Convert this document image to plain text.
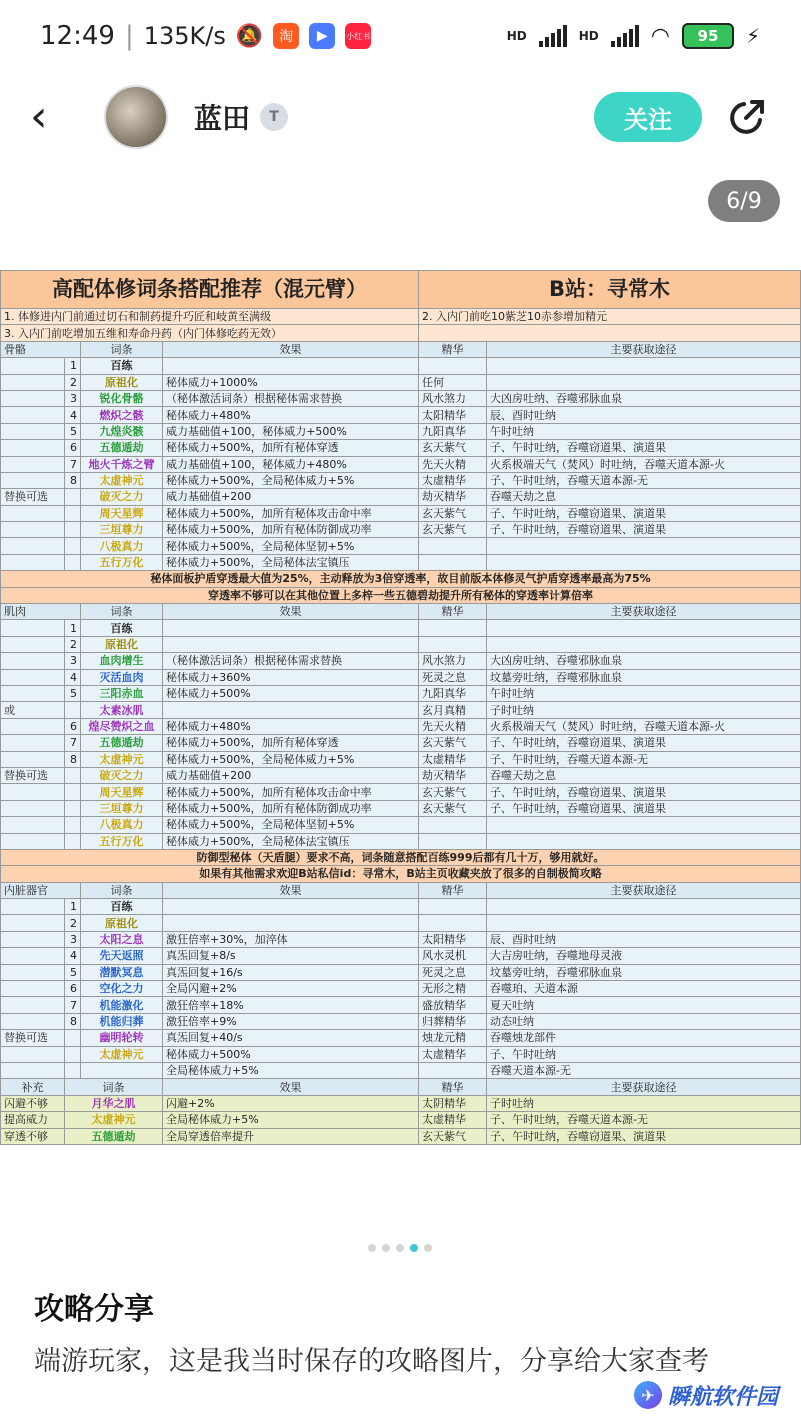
12:49 | 135K/s 🔕	淘	▶	小红书	HD	HD ◠	95	⚡
‹	蓝田	T	关注
6/9
高配体修词条搭配推荐（混元臂）				B站：寻常木	
1. 体修进内门前通过切石和制药提升巧匠和岐黄至满级				2. 入内门前吃10紫芝10赤参增加精元	
3. 入内门前吃增加五维和寿命丹药（内门体修吃药无效）					
骨骼		词条	效果	精华	主要获取途径
	1	百练			
	2	原祖化	秘体威力+1000%	任何	
	3	锐化骨骼	（秘体激活词条）根据秘体需求替换	风水煞力	大凶房吐纳、吞噬邪脉血泉
	4	燃炽之骸	秘体威力+480%	太阳精华	辰、酉时吐纳
	5	九煌炎骸	威力基础值+100，秘体威力+500%	九阳真华	午时吐纳
	6	五德遁劫	秘体威力+500%，加所有秘体穿透	玄天紫气	子、午时吐纳，吞噬窃道果、演道果
	7	地火千炼之臂	威力基础值+100，秘体威力+480%	先天火精	火系极端天气（焚风）时吐纳，吞噬天道本源-火
	8	太虚神元	秘体威力+500%，全局秘体威力+5%	太虚精华	子、午时吐纳，吞噬天道本源-无
替换可选		破灭之力	威力基础值+200	劫灭精华	吞噬天劫之息
		周天星辉	秘体威力+500%，加所有秘体攻击命中率	玄天紫气	子、午时吐纳，吞噬窃道果、演道果
		三垣尊力	秘体威力+500%，加所有秘体防御成功率	玄天紫气	子、午时吐纳，吞噬窃道果、演道果
		八极真力	秘体威力+500%，全局秘体坚韧+5%		
		五行万化	秘体威力+500%，全局秘体法宝镇压		
秘体面板护盾穿透最大值为25%，主动释放为3倍穿透率，故目前版本体修灵气护盾穿透率最高为75%					
穿透率不够可以在其他位置上多梓一些五德碧劫提升所有秘体的穿透率计算倍率					
肌肉		词条	效果	精华	主要获取途径
	1	百练			
	2	原祖化			
	3	血肉增生	（秘体激活词条）根据秘体需求替换	风水煞力	大凶房吐纳、吞噬邪脉血泉
	4	灭活血肉	秘体威力+360%	死灵之息	坟墓旁吐纳，吞噬邪脉血泉
	5	三阳赤血	秘体威力+500%	九阳真华	午时吐纳
或		太素冰肌		玄月真精	子时吐纳
	6	煌尽赞炽之血	秘体威力+480%	先天火精	火系极端天气（焚风）时吐纳，吞噬天道本源-火
	7	五德遁劫	秘体威力+500%，加所有秘体穿透	玄天紫气	子、午时吐纳，吞噬窃道果、演道果
	8	太虚神元	秘体威力+500%，全局秘体威力+5%	太虚精华	子、午时吐纳，吞噬天道本源-无
替换可选		破灭之力	威力基础值+200	劫灭精华	吞噬天劫之息
		周天星辉	秘体威力+500%，加所有秘体攻击命中率	玄天紫气	子、午时吐纳，吞噬窃道果、演道果
		三垣尊力	秘体威力+500%，加所有秘体防御成功率	玄天紫气	子、午时吐纳，吞噬窃道果、演道果
		八极真力	秘体威力+500%，全局秘体坚韧+5%		
		五行万化	秘体威力+500%，全局秘体法宝镇压		
防御型秘体（天盾腿）要求不高，词条随意搭配百练999后都有几十万，够用就好。					
如果有其他需求欢迎B站私信id：寻常木，B站主页收藏夹放了很多的自制极简攻略					
内脏器官		词条	效果	精华	主要获取途径
	1	百练			
	2	原祖化			
	3	太阳之息	激狂倍率+30%，加淬体	太阳精华	辰、酉时吐纳
	4	先天返照	真炁回复+8/s	风水灵机	大吉房吐纳，吞噬地母灵液
	5	潜默冥息	真炁回复+16/s	死灵之息	坟墓旁吐纳，吞噬邪脉血泉
	6	空化之力	全局闪避+2%	无形之精	吞噬珀、天道本源
	7	机能激化	激狂倍率+18%	盛放精华	夏天吐纳
	8	机能归葬	激狂倍率+9%	归葬精华	动态吐纳
替换可选		幽明轮转	真炁回复+40/s	烛龙元精	吞噬烛龙部件
		太虚神元	秘体威力+500%	太虚精华	子、午时吐纳
			全局秘体威力+5%		吞噬天道本源-无
补充	词条		效果	精华	主要获取途径
闪避不够	月华之肌		闪避+2%	太阴精华	子时吐纳
提高威力	太虚神元		全局秘体威力+5%	太虚精华	子、午时吐纳，吞噬天道本源-无
穿透不够	五德遁劫		全局穿透倍率提升	玄天紫气	子、午时吐纳，吞噬窃道果、演道果
攻略分享
端游玩家，这是我当时保存的攻略图片，分享给大家查考
✈ 瞬航软件园
